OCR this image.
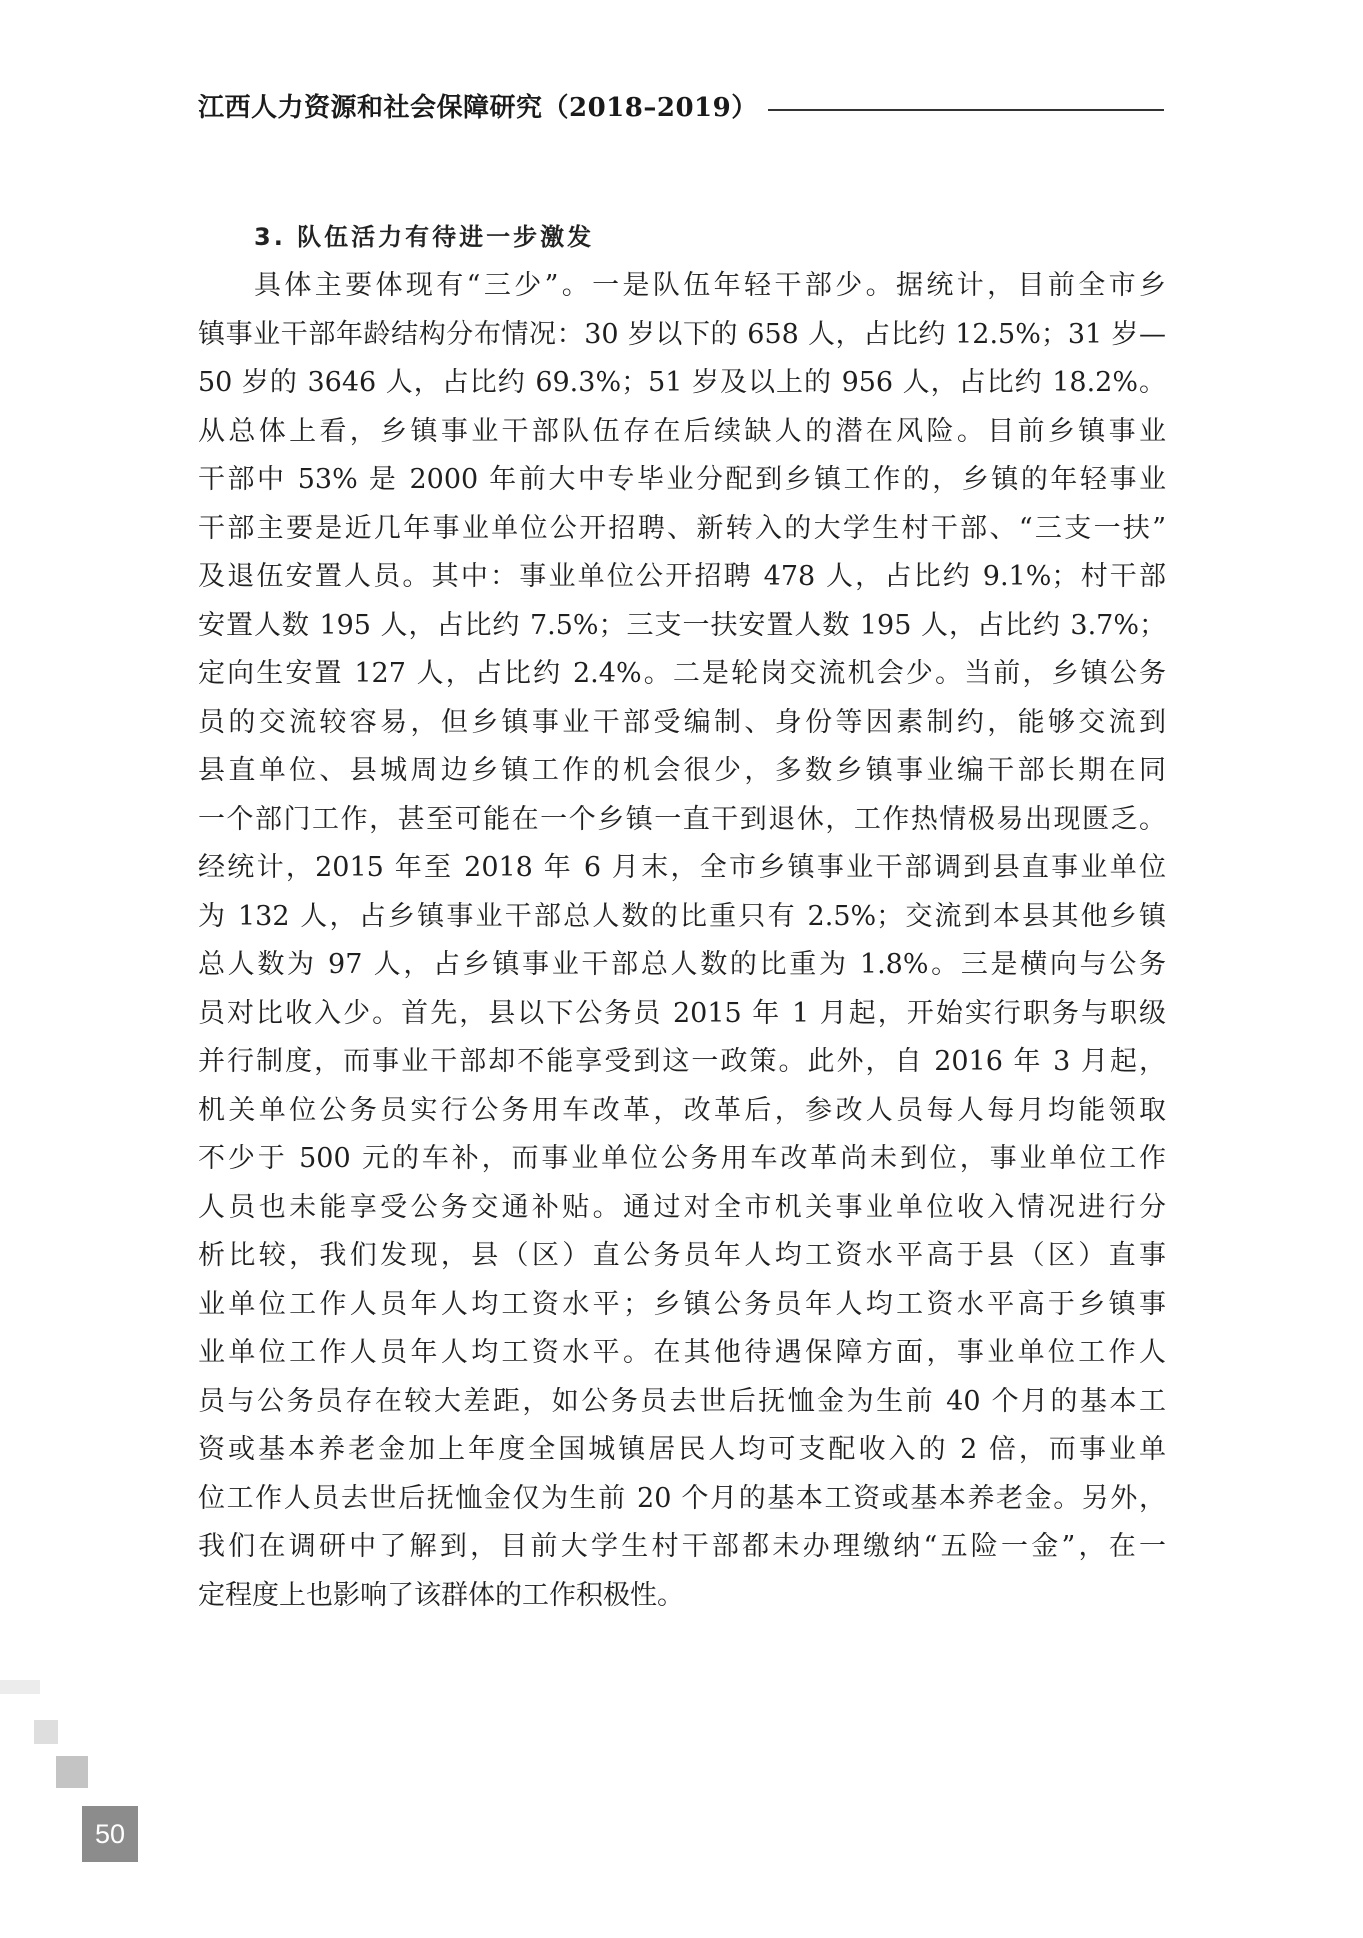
江西人力资源和社会保障研究（2018–2019）
3. 队伍活力有待进一步激发

具体主要体现有“三少”。一是队伍年轻干部少。据统计，目前全市乡

镇事业干部年龄结构分布情况：30 岁以下的 658 人，占比约 12.5%；31 岁—

50 岁的 3646 人，占比约 69.3%；51 岁及以上的 956 人，占比约 18.2%。

从总体上看，乡镇事业干部队伍存在后续缺人的潜在风险。目前乡镇事业

干部中 53% 是 2000 年前大中专毕业分配到乡镇工作的，乡镇的年轻事业

干部主要是近几年事业单位公开招聘、新转入的大学生村干部、“三支一扶”

及退伍安置人员。其中：事业单位公开招聘 478 人，占比约 9.1%；村干部

安置人数 195 人，占比约 7.5%；三支一扶安置人数 195 人，占比约 3.7%；

定向生安置 127 人，占比约 2.4%。二是轮岗交流机会少。当前，乡镇公务

员的交流较容易，但乡镇事业干部受编制、身份等因素制约，能够交流到

县直单位、县城周边乡镇工作的机会很少，多数乡镇事业编干部长期在同

一个部门工作，甚至可能在一个乡镇一直干到退休，工作热情极易出现匮乏。

经统计，2015 年至 2018 年 6 月末，全市乡镇事业干部调到县直事业单位

为 132 人，占乡镇事业干部总人数的比重只有 2.5%；交流到本县其他乡镇

总人数为 97 人，占乡镇事业干部总人数的比重为 1.8%。三是横向与公务

员对比收入少。首先，县以下公务员 2015 年 1 月起，开始实行职务与职级

并行制度，而事业干部却不能享受到这一政策。此外，自 2016 年 3 月起，

机关单位公务员实行公务用车改革，改革后，参改人员每人每月均能领取

不少于 500 元的车补，而事业单位公务用车改革尚未到位，事业单位工作

人员也未能享受公务交通补贴。通过对全市机关事业单位收入情况进行分

析比较，我们发现，县（区）直公务员年人均工资水平高于县（区）直事

业单位工作人员年人均工资水平；乡镇公务员年人均工资水平高于乡镇事

业单位工作人员年人均工资水平。在其他待遇保障方面，事业单位工作人

员与公务员存在较大差距，如公务员去世后抚恤金为生前 40 个月的基本工

资或基本养老金加上年度全国城镇居民人均可支配收入的 2 倍，而事业单

位工作人员去世后抚恤金仅为生前 20 个月的基本工资或基本养老金。另外，

我们在调研中了解到，目前大学生村干部都未办理缴纳“五险一金”，在一

定程度上也影响了该群体的工作积极性。

50
